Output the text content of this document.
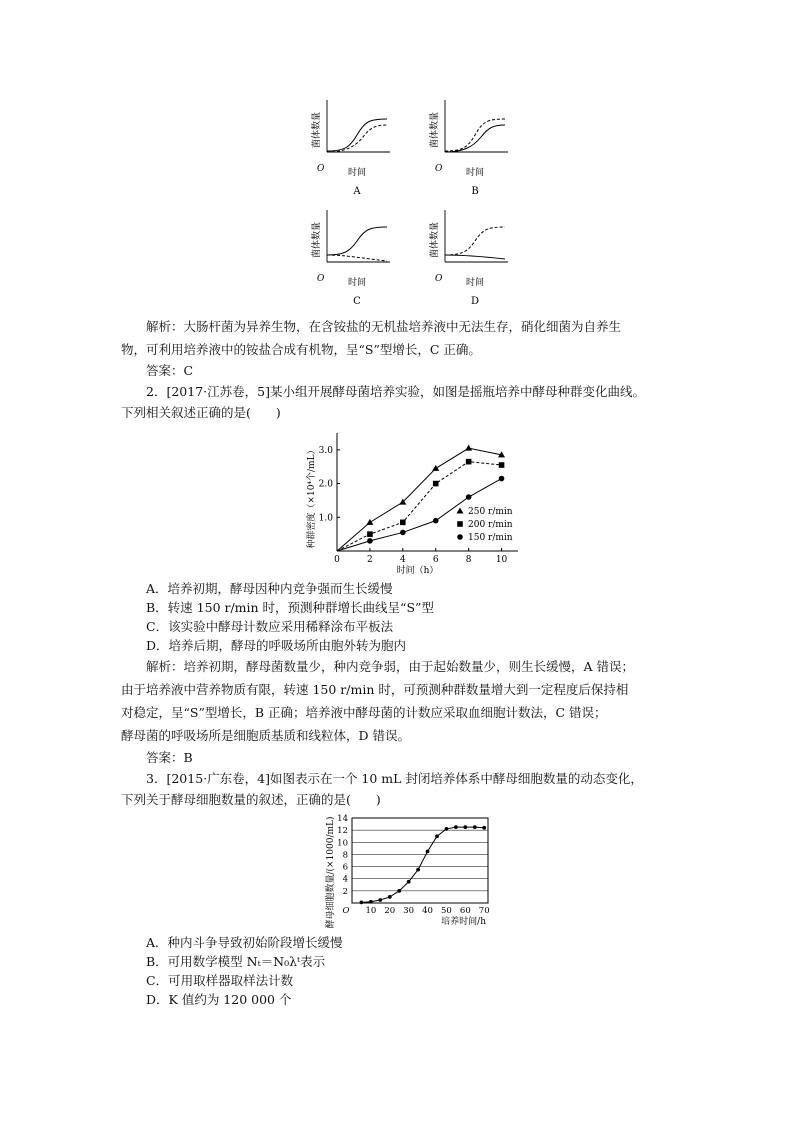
菌体数量
O	时间
A
菌体数量
O	时间
B
菌体数量
O	时间
C
菌体数量
O	时间
D
解析：大肠杆菌为异养生物，在含铵盐的无机盐培养液中无法生存，硝化细菌为自养生
物，可利用培养液中的铵盐合成有机物，呈“S”型增长，C 正确。
答案：C
2．[2017·江苏卷，5]某小组开展酵母菌培养实验，如图是摇瓶培养中酵母种群变化曲线。
下列相关叙述正确的是(　　)
1.0
2.0
3.0
0	2	4	6	8	10
时间（h）
种群密度（×10⁴个/mL）	250 r/min
200 r/min
150 r/min
A．培养初期，酵母因种内竞争强而生长缓慢
B．转速 150 r/min 时，预测种群增长曲线呈“S”型
C．该实验中酵母计数应采用稀释涂布平板法
D．培养后期，酵母的呼吸场所由胞外转为胞内
解析：培养初期，酵母菌数量少，种内竞争弱，由于起始数量少，则生长缓慢，A 错误；
由于培养液中营养物质有限，转速 150 r/min 时，可预测种群数量增大到一定程度后保持相
对稳定，呈“S”型增长，B 正确；培养液中酵母菌的计数应采取血细胞计数法，C 错误；
酵母菌的呼吸场所是细胞质基质和线粒体，D 错误。
答案：B
3．[2015·广东卷，4]如图表示在一个 10 mL 封闭培养体系中酵母细胞数量的动态变化，
下列关于酵母细胞数量的叙述，正确的是(　　)
2
4
6
8
10
12
14
10 20 30 40 50 60 70
O
培养时间/h
酵母细胞数量/(×1000/mL)
A．种内斗争导致初始阶段增长缓慢
B．可用数学模型 Nₜ＝N₀λᵗ表示
C．可用取样器取样法计数
D．K 值约为 120 000 个
